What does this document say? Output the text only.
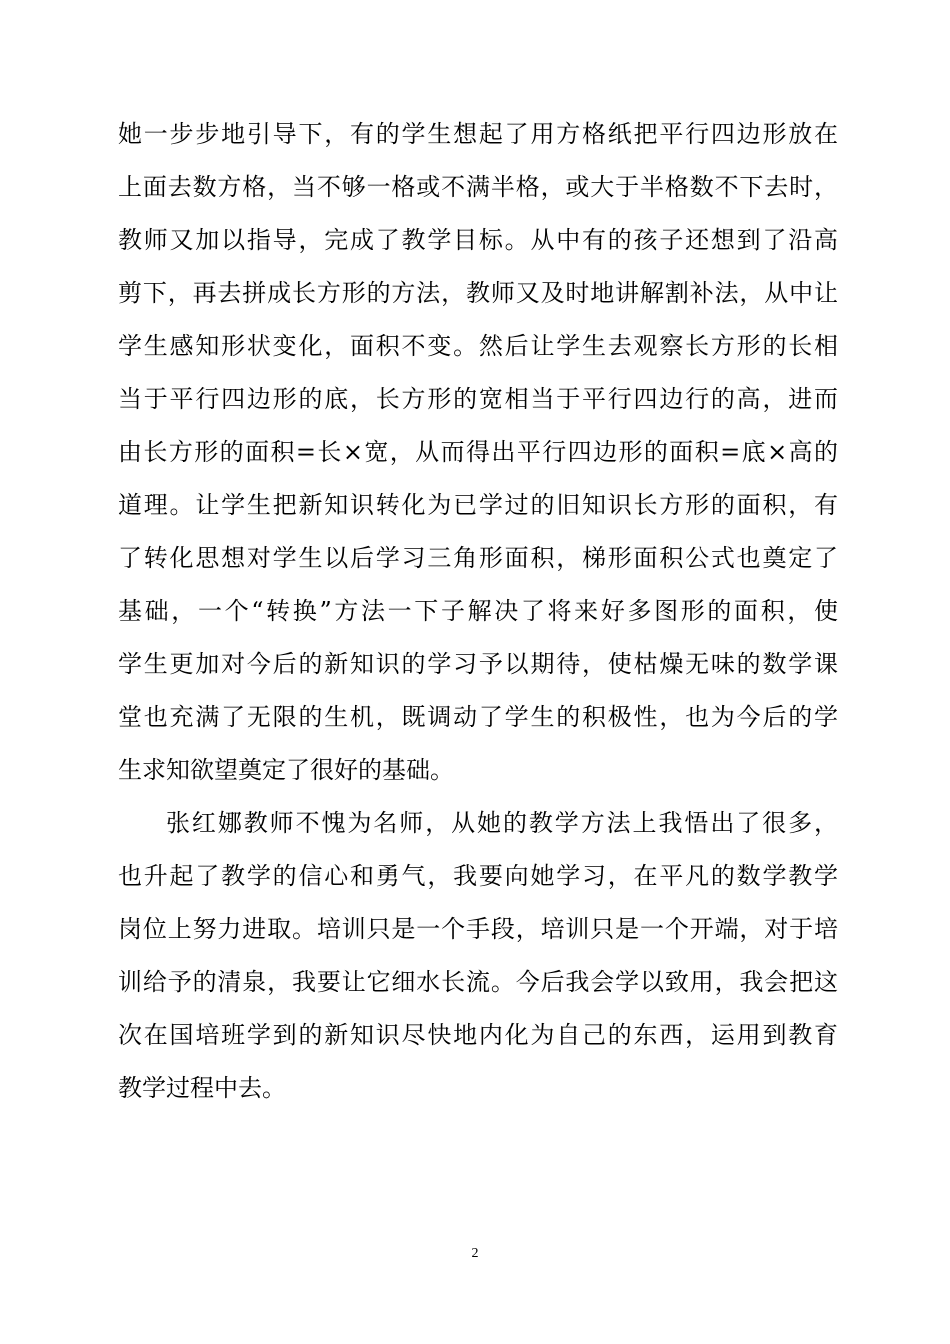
她一步步地引导下，有的学生想起了用方格纸把平行四边形放在
上面去数方格，当不够一格或不满半格，或大于半格数不下去时，
教师又加以指导，完成了教学目标。从中有的孩子还想到了沿高
剪下，再去拼成长方形的方法，教师又及时地讲解割补法，从中让
学生感知形状变化，面积不变。然后让学生去观察长方形的长相
当于平行四边形的底，长方形的宽相当于平行四边行的高，进而
由长方形的面积=长×宽，从而得出平行四边形的面积=底×高的
道理。让学生把新知识转化为已学过的旧知识长方形的面积，有
了转化思想对学生以后学习三角形面积，梯形面积公式也奠定了
基础，一个“转换”方法一下子解决了将来好多图形的面积，使
学生更加对今后的新知识的学习予以期待，使枯燥无味的数学课
堂也充满了无限的生机，既调动了学生的积极性，也为今后的学
生求知欲望奠定了很好的基础。
张红娜教师不愧为名师，从她的教学方法上我悟出了很多，
也升起了教学的信心和勇气，我要向她学习，在平凡的数学教学
岗位上努力进取。培训只是一个手段，培训只是一个开端，对于培
训给予的清泉，我要让它细水长流。今后我会学以致用，我会把这
次在国培班学到的新知识尽快地内化为自己的东西，运用到教育
教学过程中去。
2
